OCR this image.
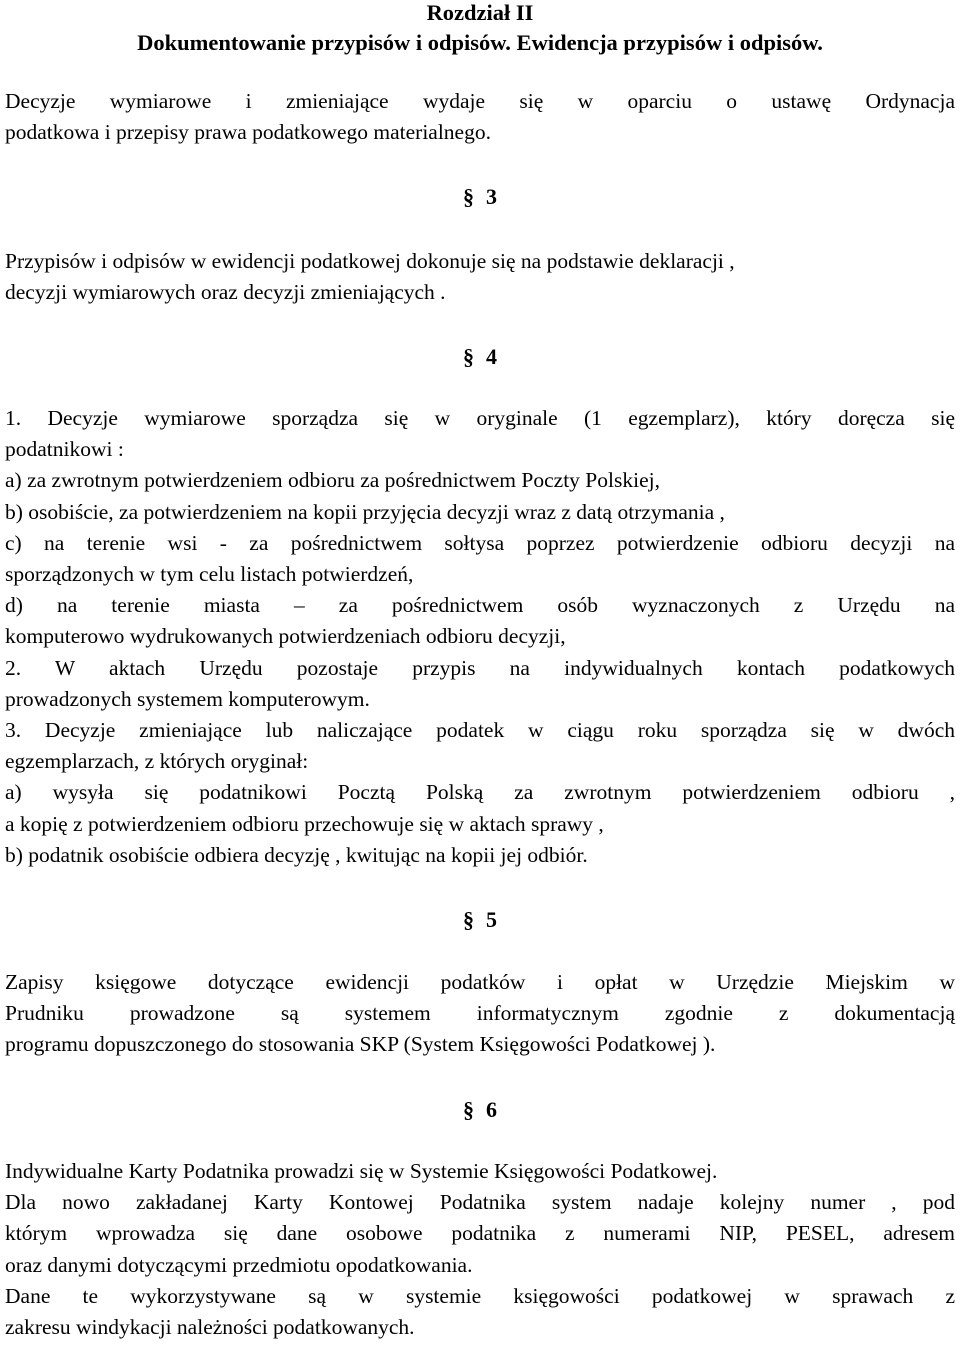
Rozdział II
Dokumentowanie przypisów i odpisów. Ewidencja przypisów i odpisów.
Decyzje wymiarowe i zmieniające wydaje się w oparciu o ustawę Ordynacja
podatkowa i przepisy prawa podatkowego materialnego.
§ 3
Przypisów i odpisów w ewidencji podatkowej dokonuje się na podstawie deklaracji ,
decyzji wymiarowych oraz decyzji zmieniających .
§ 4
1. Decyzje wymiarowe sporządza się w oryginale (1 egzemplarz), który doręcza się
podatnikowi :
a) za zwrotnym potwierdzeniem odbioru za pośrednictwem Poczty Polskiej,
b) osobiście, za potwierdzeniem na kopii przyjęcia decyzji wraz z datą otrzymania ,
c) na terenie wsi - za pośrednictwem sołtysa poprzez potwierdzenie odbioru decyzji na
sporządzonych w tym celu listach potwierdzeń,
d) na terenie miasta – za pośrednictwem osób wyznaczonych z Urzędu na
komputerowo wydrukowanych potwierdzeniach odbioru decyzji,
2. W aktach Urzędu pozostaje przypis na indywidualnych kontach podatkowych
prowadzonych systemem komputerowym.
3. Decyzje zmieniające lub naliczające podatek w ciągu roku sporządza się w dwóch
egzemplarzach, z których oryginał:
a) wysyła się podatnikowi Pocztą Polską za zwrotnym potwierdzeniem odbioru ,
a kopię z potwierdzeniem odbioru przechowuje się w aktach sprawy ,
b) podatnik osobiście odbiera decyzję , kwitując na kopii jej odbiór.
§ 5
Zapisy księgowe dotyczące ewidencji podatków i opłat w Urzędzie Miejskim w
Prudniku prowadzone są systemem informatycznym zgodnie z dokumentacją
programu dopuszczonego do stosowania SKP (System Księgowości Podatkowej ).
§ 6
Indywidualne Karty Podatnika prowadzi się w Systemie Księgowości Podatkowej.
Dla nowo zakładanej Karty Kontowej Podatnika system nadaje kolejny numer , pod
którym wprowadza się dane osobowe podatnika z numerami NIP, PESEL, adresem
oraz danymi dotyczącymi przedmiotu opodatkowania.
Dane te wykorzystywane są w systemie księgowości podatkowej w sprawach z
zakresu windykacji należności podatkowanych.
